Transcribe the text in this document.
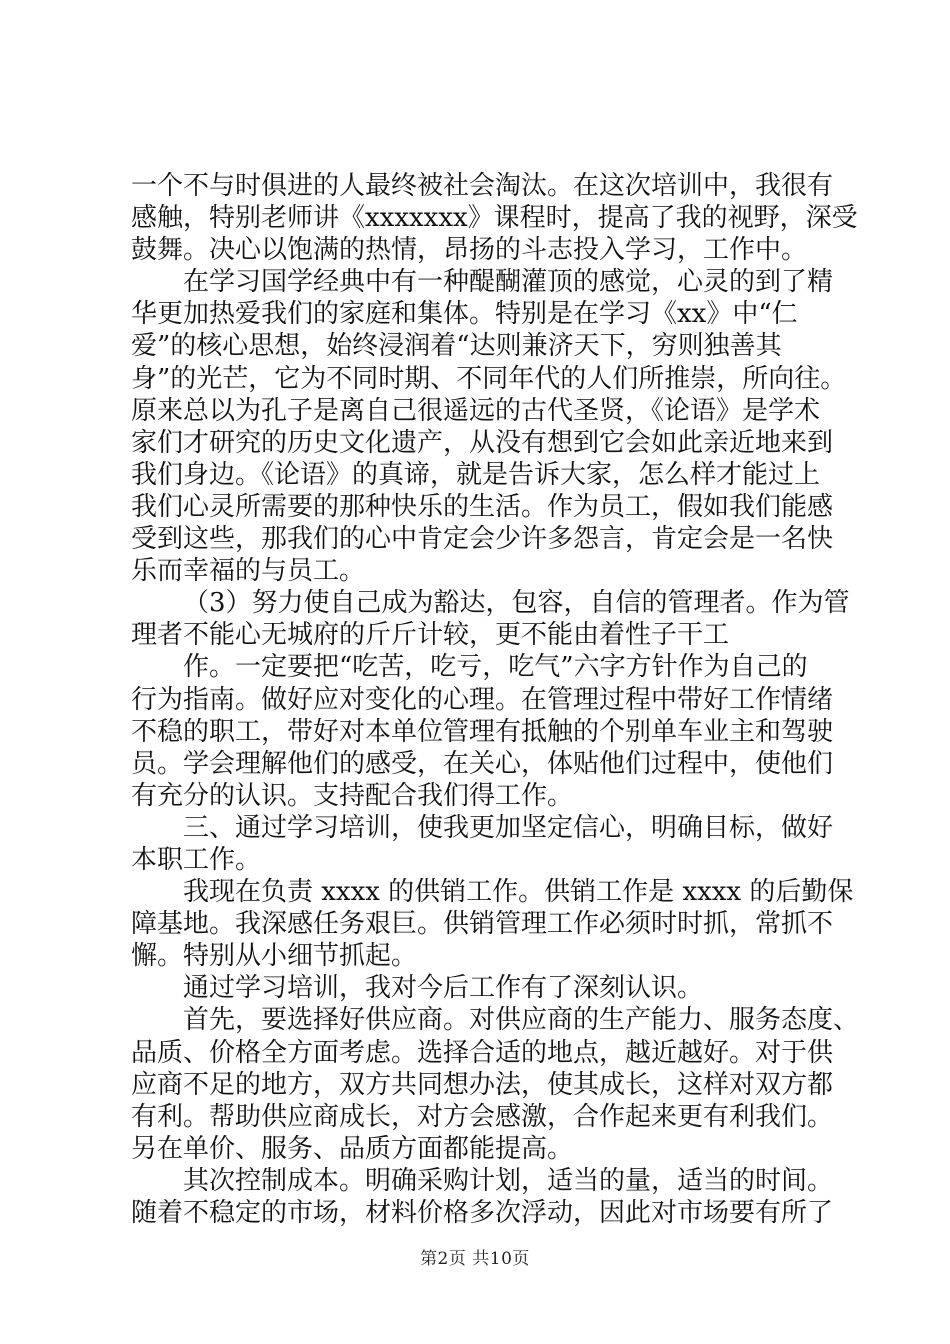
一个不与时俱进的人最终被社会淘汰。在这次培训中，我很有
感触，特别老师讲《xxxxxxx》课程时，提高了我的视野，深受
鼓舞。决心以饱满的热情，昂扬的斗志投入学习，工作中。
在学习国学经典中有一种醍醐灌顶的感觉，心灵的到了精
华更加热爱我们的家庭和集体。特别是在学习《xx》中“仁
爱”的核心思想，始终浸润着“达则兼济天下，穷则独善其
身”的光芒，它为不同时期、不同年代的人们所推崇，所向往。
原来总以为孔子是离自己很遥远的古代圣贤，《论语》是学术
家们才研究的历史文化遗产，从没有想到它会如此亲近地来到
我们身边。《论语》的真谛，就是告诉大家，怎么样才能过上
我们心灵所需要的那种快乐的生活。作为员工，假如我们能感
受到这些，那我们的心中肯定会少许多怨言，肯定会是一名快
乐而幸福的与员工。
（3）努力使自己成为豁达，包容，自信的管理者。作为管
理者不能心无城府的斤斤计较，更不能由着性子干工
作。一定要把“吃苦，吃亏，吃气”六字方针作为自己的
行为指南。做好应对变化的心理。在管理过程中带好工作情绪
不稳的职工，带好对本单位管理有抵触的个别单车业主和驾驶
员。学会理解他们的感受，在关心，体贴他们过程中，使他们
有充分的认识。支持配合我们得工作。
三、通过学习培训，使我更加坚定信心，明确目标，做好
本职工作。
我现在负责 xxxx 的供销工作。供销工作是 xxxx 的后勤保
障基地。我深感任务艰巨。供销管理工作必须时时抓，常抓不
懈。特别从小细节抓起。
通过学习培训，我对今后工作有了深刻认识。
首先，要选择好供应商。对供应商的生产能力、服务态度、
品质、价格全方面考虑。选择合适的地点，越近越好。对于供
应商不足的地方，双方共同想办法，使其成长，这样对双方都
有利。帮助供应商成长，对方会感激，合作起来更有利我们。
另在单价、服务、品质方面都能提高。
其次控制成本。明确采购计划，适当的量，适当的时间。
随着不稳定的市场，材料价格多次浮动，因此对市场要有所了
第2页 共10页
